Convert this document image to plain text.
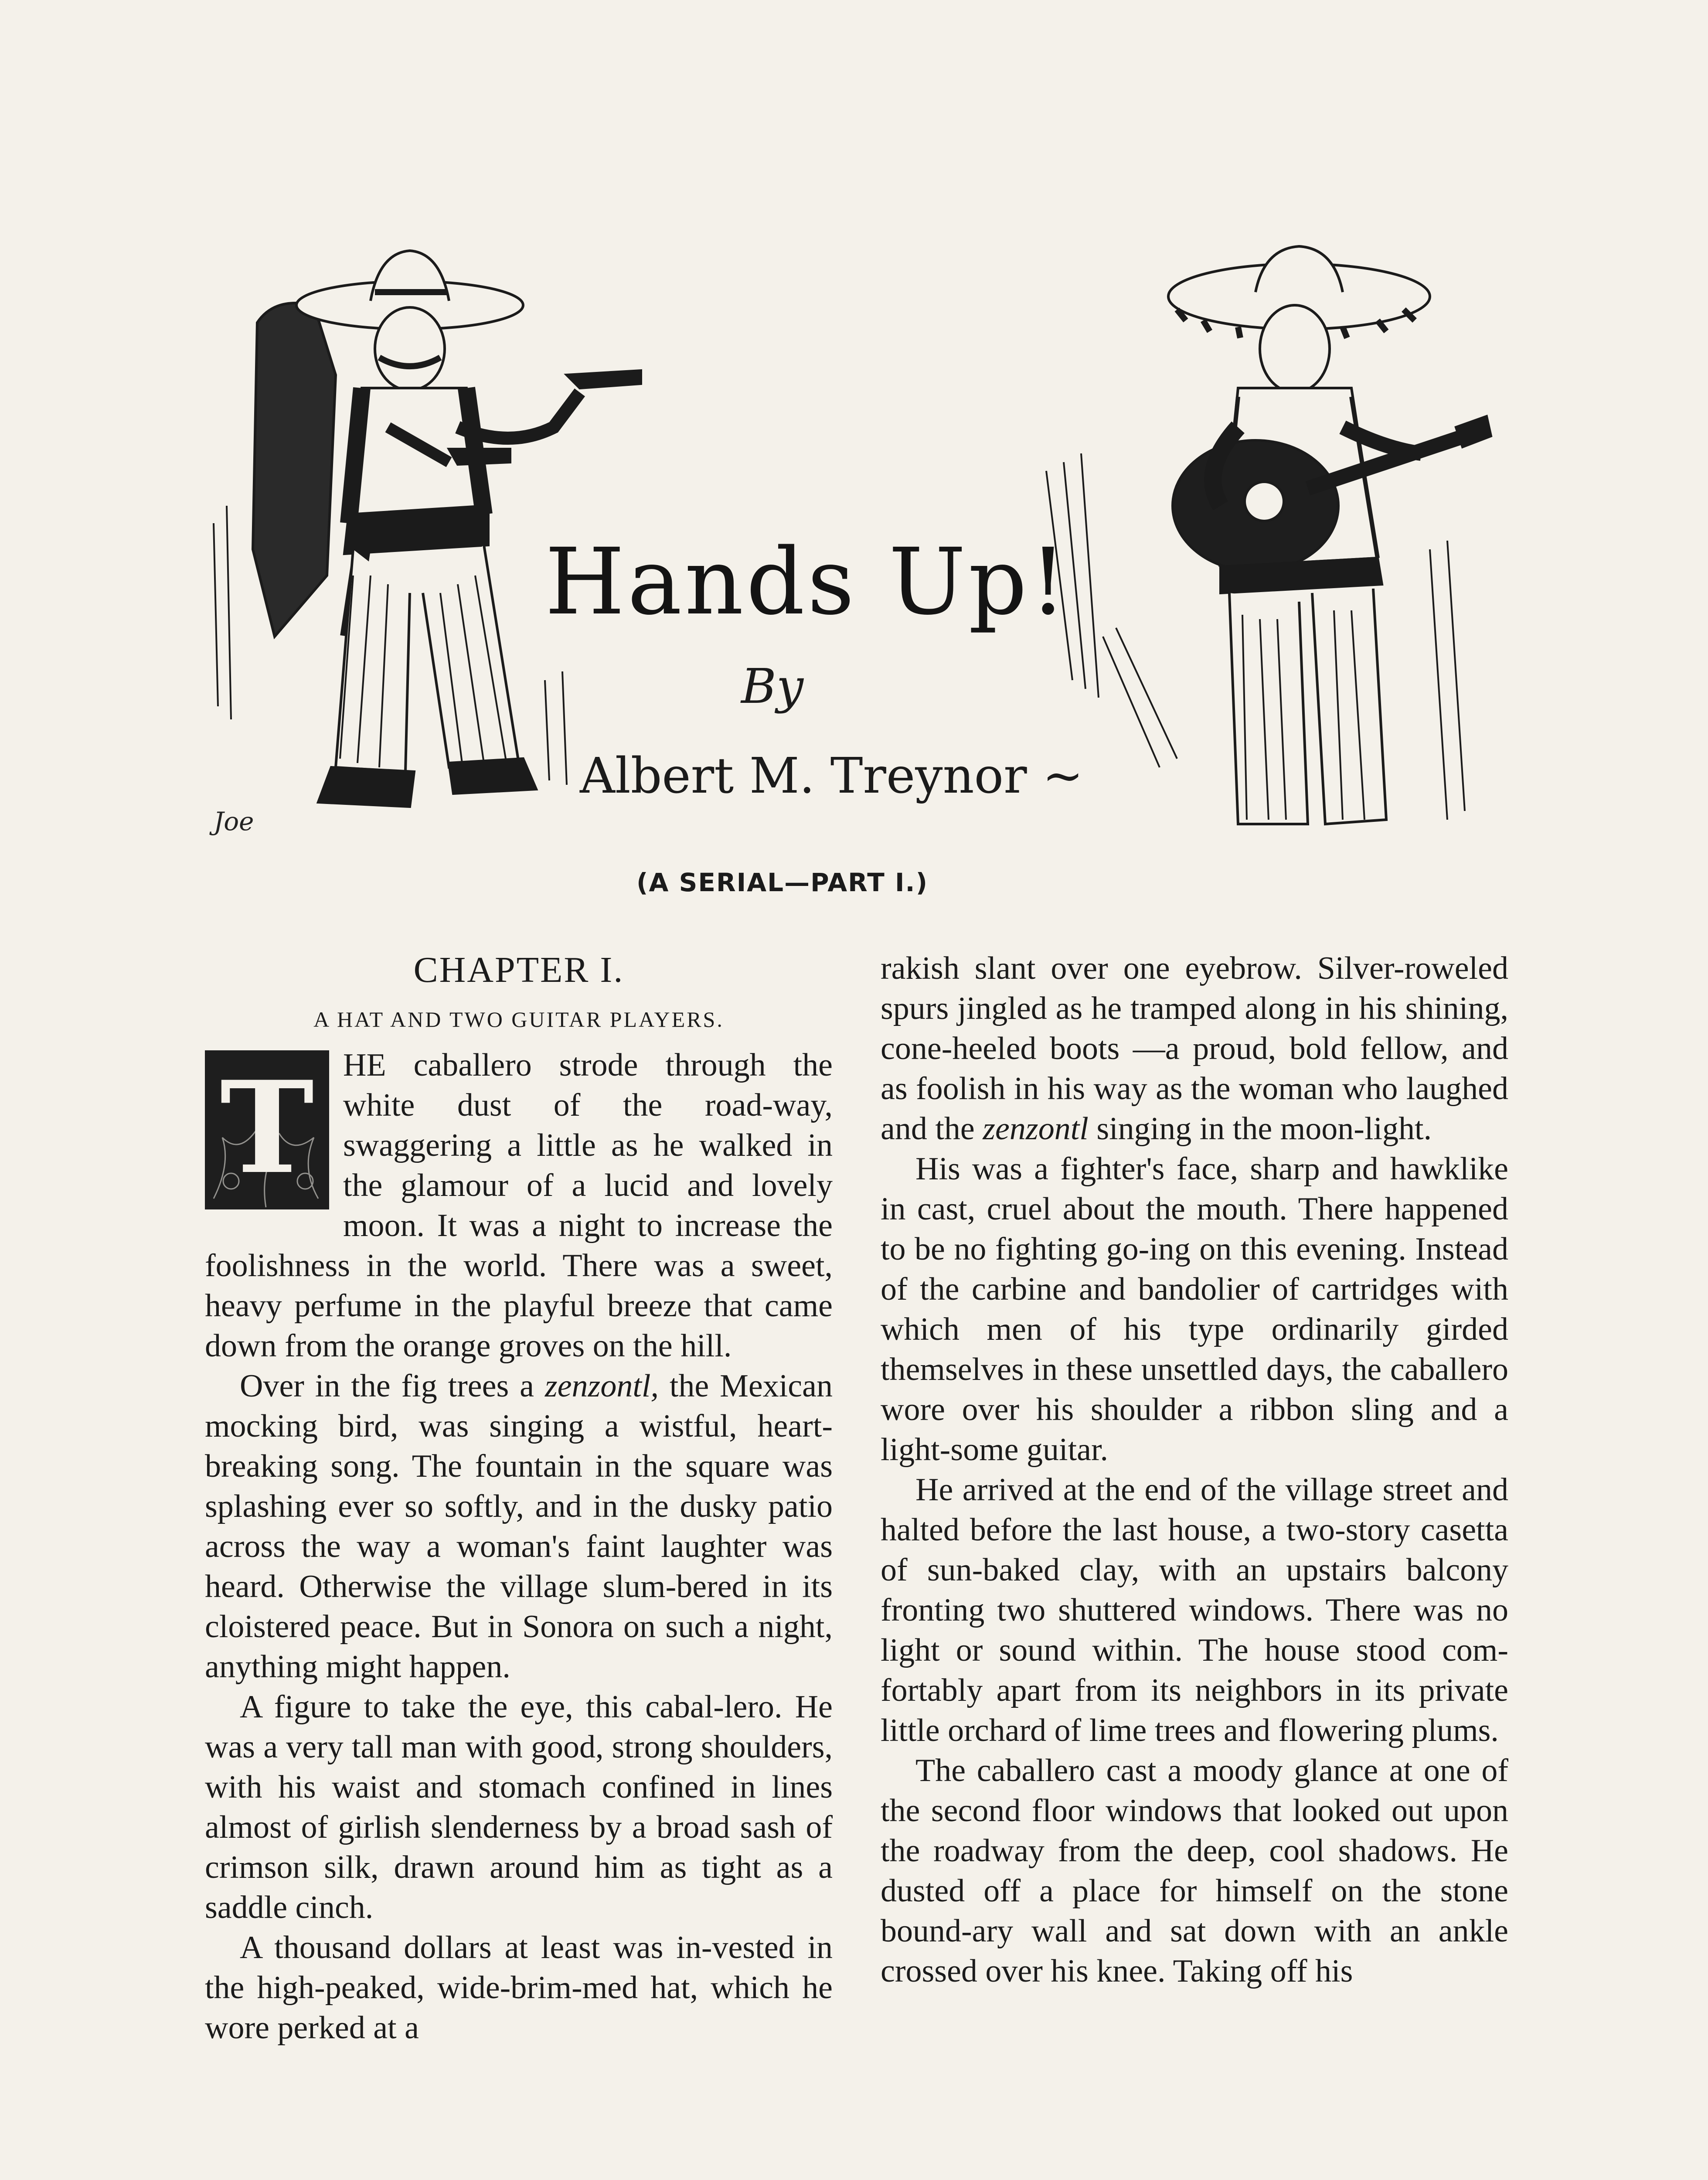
Hands Up!
By
Albert M. Treynor ~
(A SERIAL—PART I.)
Joe
CHAPTER I.
A HAT AND TWO GUITAR PLAYERS.
T HE caballero strode through the white dust of the road-way, swaggering a little as he walked in the glamour of a lucid and lovely moon. It was a night to increase the foolishness in the world. There was a sweet, heavy perfume in the playful breeze that came down from the orange groves on the hill.

Over in the fig trees a zenzontl, the Mexican mocking bird, was singing a wistful, heart-breaking song. The fountain in the square was splashing ever so softly, and in the dusky patio across the way a woman's faint laughter was heard. Otherwise the village slum-bered in its cloistered peace. But in Sonora on such a night, anything might happen.

A figure to take the eye, this cabal-lero. He was a very tall man with good, strong shoulders, with his waist and stomach confined in lines almost of girlish slenderness by a broad sash of crimson silk, drawn around him as tight as a saddle cinch.

A thousand dollars at least was in-vested in the high-peaked, wide-brim-med hat, which he wore perked at a

rakish slant over one eyebrow. Silver-roweled spurs jingled as he tramped along in his shining, cone-heeled boots —a proud, bold fellow, and as foolish in his way as the woman who laughed and the zenzontl singing in the moon-light.

His was a fighter's face, sharp and hawklike in cast, cruel about the mouth. There happened to be no fighting go-ing on this evening. Instead of the carbine and bandolier of cartridges with which men of his type ordinarily girded themselves in these unsettled days, the caballero wore over his shoulder a ribbon sling and a light-some guitar.

He arrived at the end of the village street and halted before the last house, a two-story casetta of sun-baked clay, with an upstairs balcony fronting two shuttered windows. There was no light or sound within. The house stood com-fortably apart from its neighbors in its private little orchard of lime trees and flowering plums.

The caballero cast a moody glance at one of the second floor windows that looked out upon the roadway from the deep, cool shadows. He dusted off a place for himself on the stone bound-ary wall and sat down with an ankle crossed over his knee. Taking off his
